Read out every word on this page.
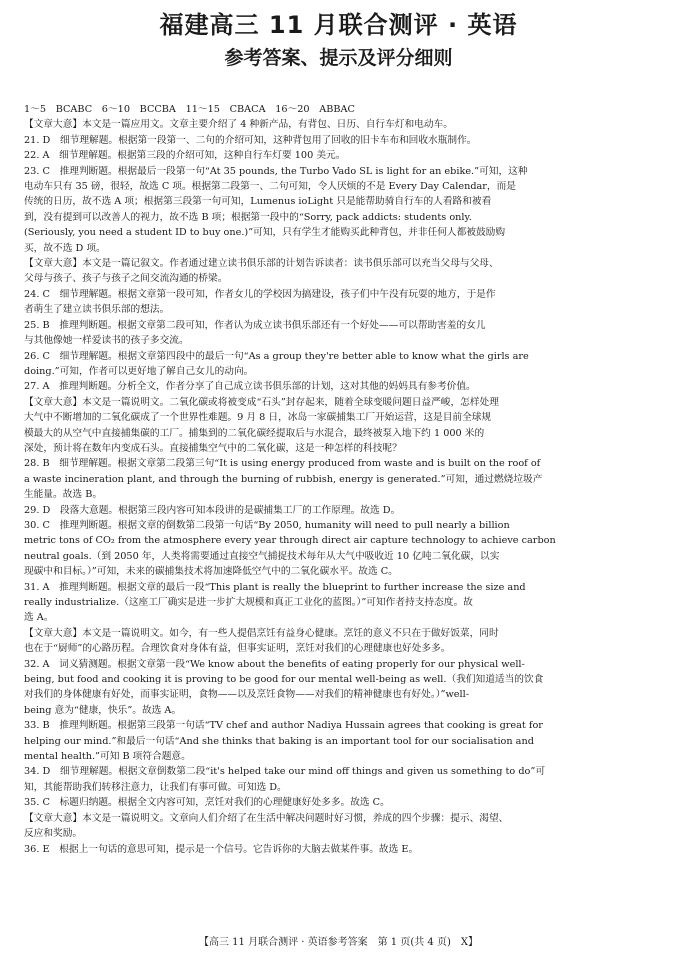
福建高三 11 月联合测评 · 英语
参考答案、提示及评分细则
1～5　BCABC　6～10　BCCBA　11～15　CBACA　16～20　ABBAC
【文章大意】本文是一篇应用文。文章主要介绍了 4 种新产品，有背包、日历、自行车灯和电动车。
21. D　细节理解题。根据第一段第一、二句的介绍可知，这种背包用了回收的旧卡车布和回收水瓶制作。
22. A　细节理解题。根据第三段的介绍可知，这种自行车灯要 100 美元。
23. C　推理判断题。根据最后一段第一句“At 35 pounds, the Turbo Vado SL is light for an ebike.”可知，这种
电动车只有 35 磅，很轻，故选 C 项。根据第二段第一、二句可知，令人厌烦的不是 Every Day Calendar，而是
传统的日历，故不选 A 项；根据第三段第一句可知，Lumenus ioLight 只是能帮助骑自行车的人看路和被看
到，没有提到可以改善人的视力，故不选 B 项；根据第一段中的“Sorry, pack addicts: students only.
(Seriously, you need a student ID to buy one.)”可知，只有学生才能购买此种背包，并非任何人都被鼓励购
买，故不选 D 项。
【文章大意】本文是一篇记叙文。作者通过建立读书俱乐部的计划告诉读者：读书俱乐部可以充当父母与父母、
父母与孩子、孩子与孩子之间交流沟通的桥梁。
24. C　细节理解题。根据文章第一段可知，作者女儿的学校因为搞建设，孩子们中午没有玩耍的地方，于是作
者萌生了建立读书俱乐部的想法。
25. B　推理判断题。根据文章第二段可知，作者认为成立读书俱乐部还有一个好处——可以帮助害羞的女儿
与其他像她一样爱读书的孩子多交流。
26. C　细节理解题。根据文章第四段中的最后一句“As a group they're better able to know what the girls are
doing.”可知，作者可以更好地了解自己女儿的动向。
27. A　推理判断题。分析全文，作者分享了自己成立读书俱乐部的计划，这对其他的妈妈具有参考价值。
【文章大意】本文是一篇说明文。二氧化碳或将被变成“石头”封存起来，随着全球变暖问题日益严峻，怎样处理
大气中不断增加的二氧化碳成了一个世界性难题。9 月 8 日，冰岛一家碳捕集工厂开始运营，这是目前全球规
模最大的从空气中直接捕集碳的工厂。捕集到的二氧化碳经提取后与水混合，最终被泵入地下约 1 000 米的
深处，预计将在数年内变成石头。直接捕集空气中的二氧化碳，这是一种怎样的科技呢？
28. B　细节理解题。根据文章第二段第三句“It is using energy produced from waste and is built on the roof of
a waste incineration plant, and through the burning of rubbish, energy is generated.”可知，通过燃烧垃圾产
生能量。故选 B。
29. D　段落大意题。根据第三段内容可知本段讲的是碳捕集工厂的工作原理。故选 D。
30. C　推理判断题。根据文章的倒数第二段第一句话“By 2050, humanity will need to pull nearly a billion
metric tons of CO₂ from the atmosphere every year through direct air capture technology to achieve carbon
neutral goals.（到 2050 年，人类将需要通过直接空气捕捉技术每年从大气中吸收近 10 亿吨二氧化碳，以实
现碳中和目标。）”可知，未来的碳捕集技术将加速降低空气中的二氧化碳水平。故选 C。
31. A　推理判断题。根据文章的最后一段“This plant is really the blueprint to further increase the size and
really industrialize.（这座工厂确实是进一步扩大规模和真正工业化的蓝图。）”可知作者持支持态度。故
选 A。
【文章大意】本文是一篇说明文。如今，有一些人提倡烹饪有益身心健康。烹饪的意义不只在于做好饭菜，同时
也在于“厨师”的心路历程。合理饮食对身体有益，但事实证明，烹饪对我们的心理健康也好处多多。
32. A　词义猜测题。根据文章第一段“We know about the benefits of eating properly for our physical well-
being, but food and cooking it is proving to be good for our mental well-being as well.（我们知道适当的饮食
对我们的身体健康有好处，而事实证明，食物——以及烹饪食物——对我们的精神健康也有好处。）”well-
being 意为“健康，快乐”。故选 A。
33. B　推理判断题。根据第三段第一句话“TV chef and author Nadiya Hussain agrees that cooking is great for
helping our mind.”和最后一句话“And she thinks that baking is an important tool for our socialisation and
mental health.”可知 B 项符合题意。
34. D　细节理解题。根据文章倒数第二段“it's helped take our mind off things and given us something to do”可
知，其能帮助我们转移注意力，让我们有事可做。可知选 D。
35. C　标题归纳题。根据全文内容可知，烹饪对我们的心理健康好处多多。故选 C。
【文章大意】本文是一篇说明文。文章向人们介绍了在生活中解决问题时好习惯，养成的四个步骤：提示、渴望、
反应和奖励。
36. E　根据上一句话的意思可知，提示是一个信号。它告诉你的大脑去做某件事。故选 E。
【高三 11 月联合测评 · 英语参考答案　第 1 页(共 4 页)　X】
